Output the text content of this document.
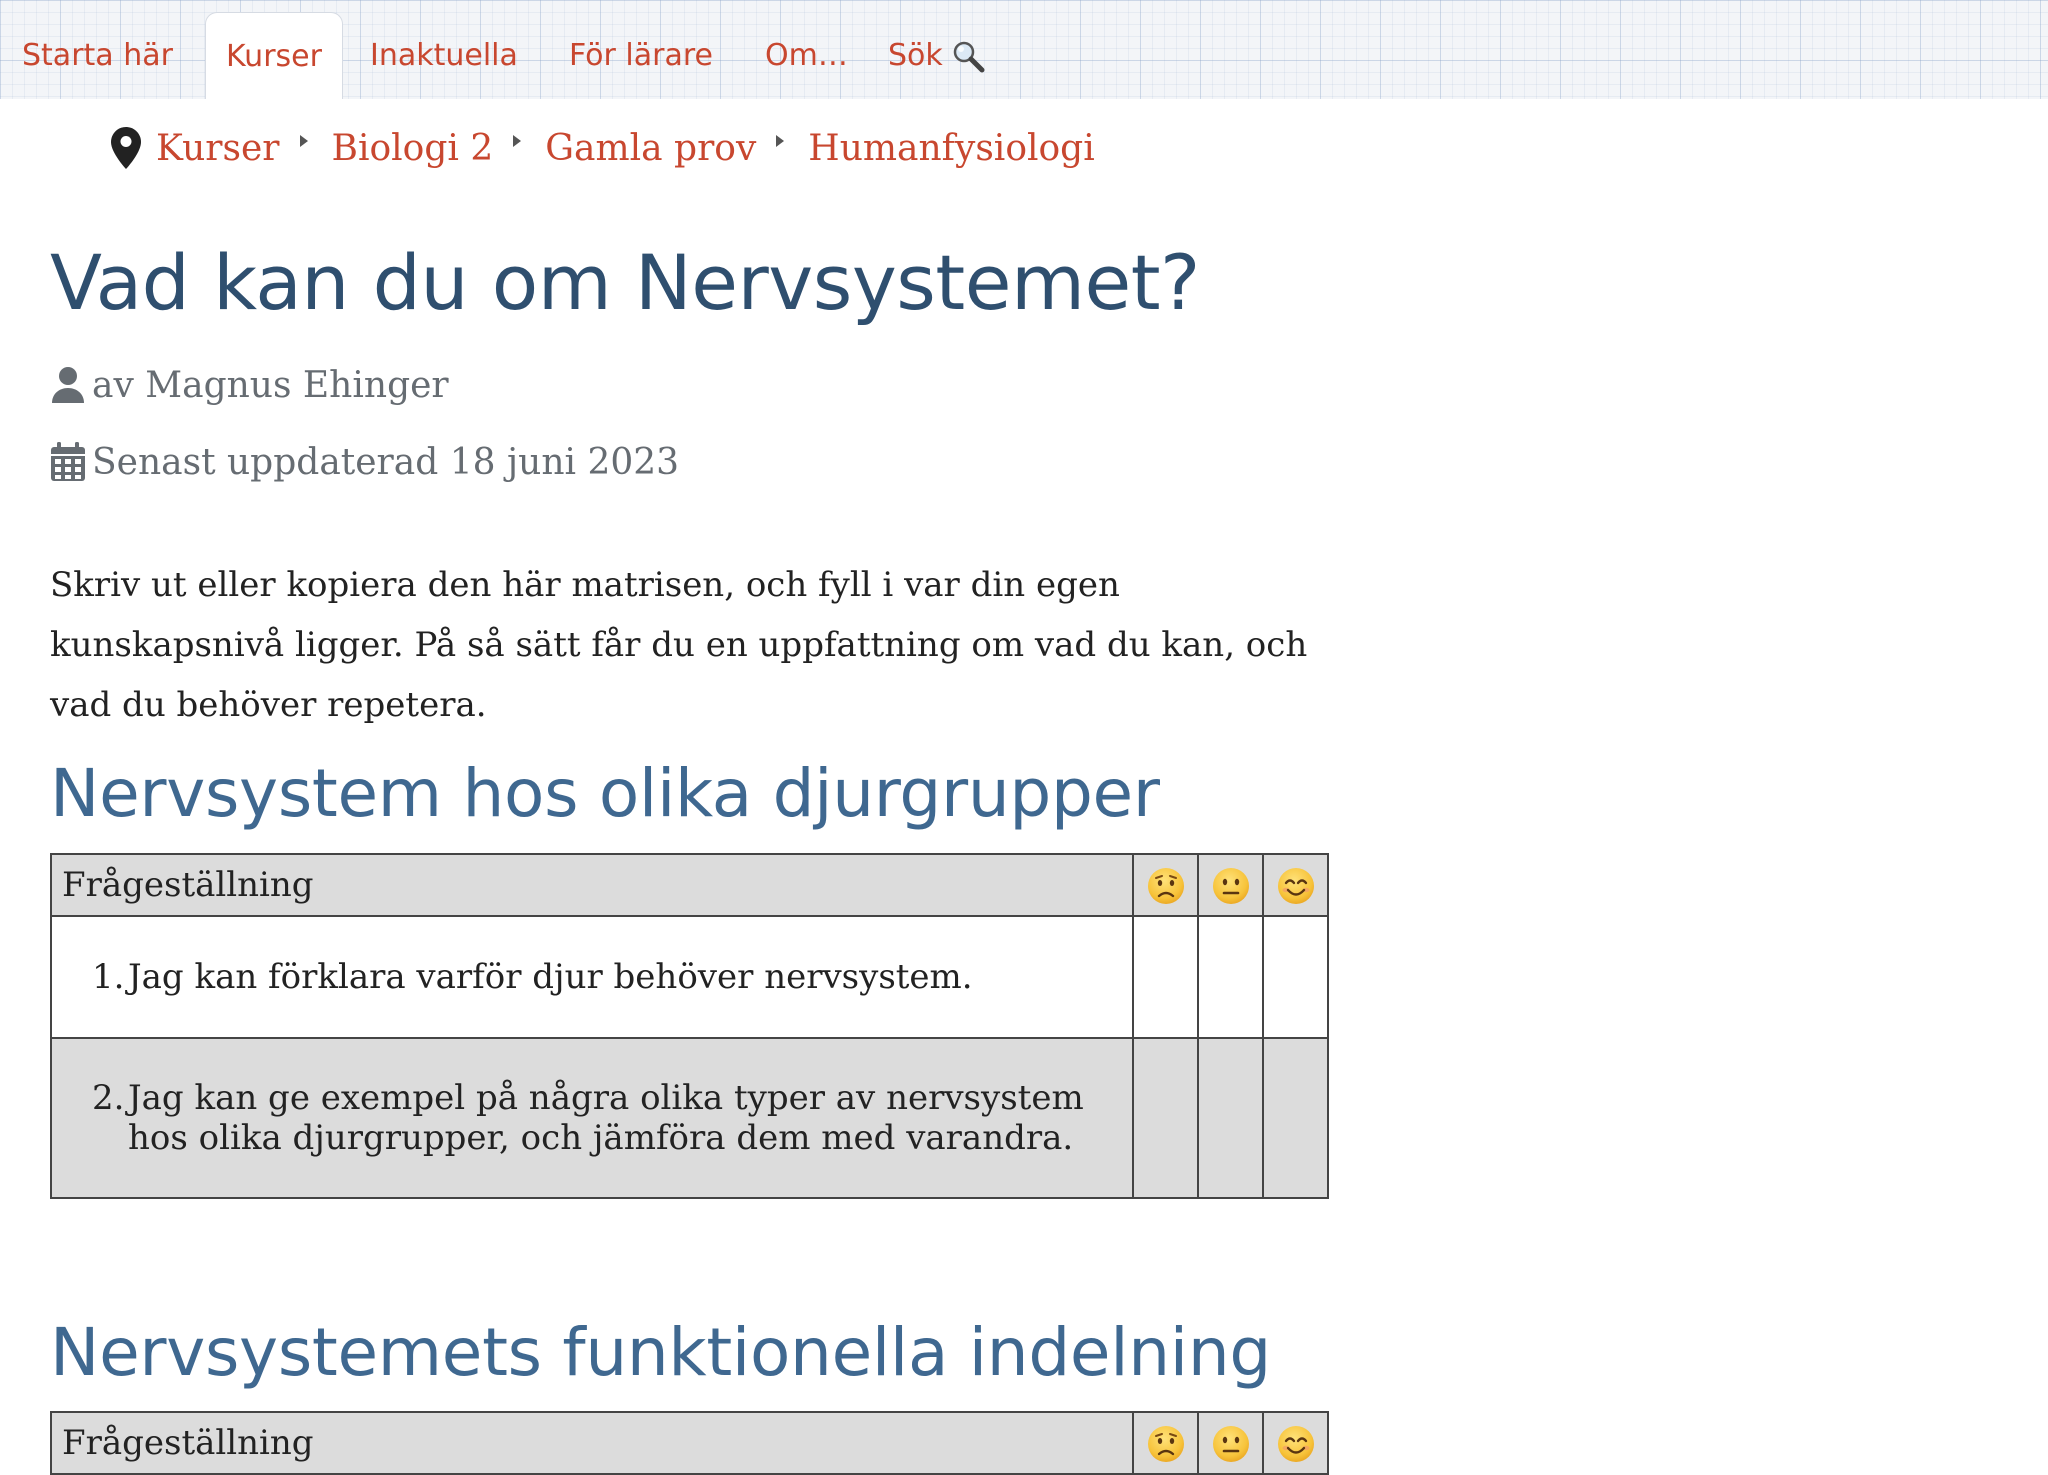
Starta här	Kurser	Inaktuella För lärare Om… Sök
Kurser Biologi 2 Gamla prov Humanfysiologi
Vad kan du om Nervsystemet?
av Magnus Ehinger
Senast uppdaterad 18 juni 2023

Skriv ut eller kopiera den här matrisen, och fyll i var din egen kunskapsnivå ligger. På så sätt får du en uppfattning om vad du kan, och vad du behöver repetera.

Nervsystem hos olika djurgrupper
Frågeställning			

1. Jag kan förklara varför djur behöver nervsystem.			

2. Jag kan ge exempel på några olika typer av nervsystem hos olika djurgrupper, och jämföra dem med varandra.			

Nervsystemets funktionella indelning
Frågeställning			
